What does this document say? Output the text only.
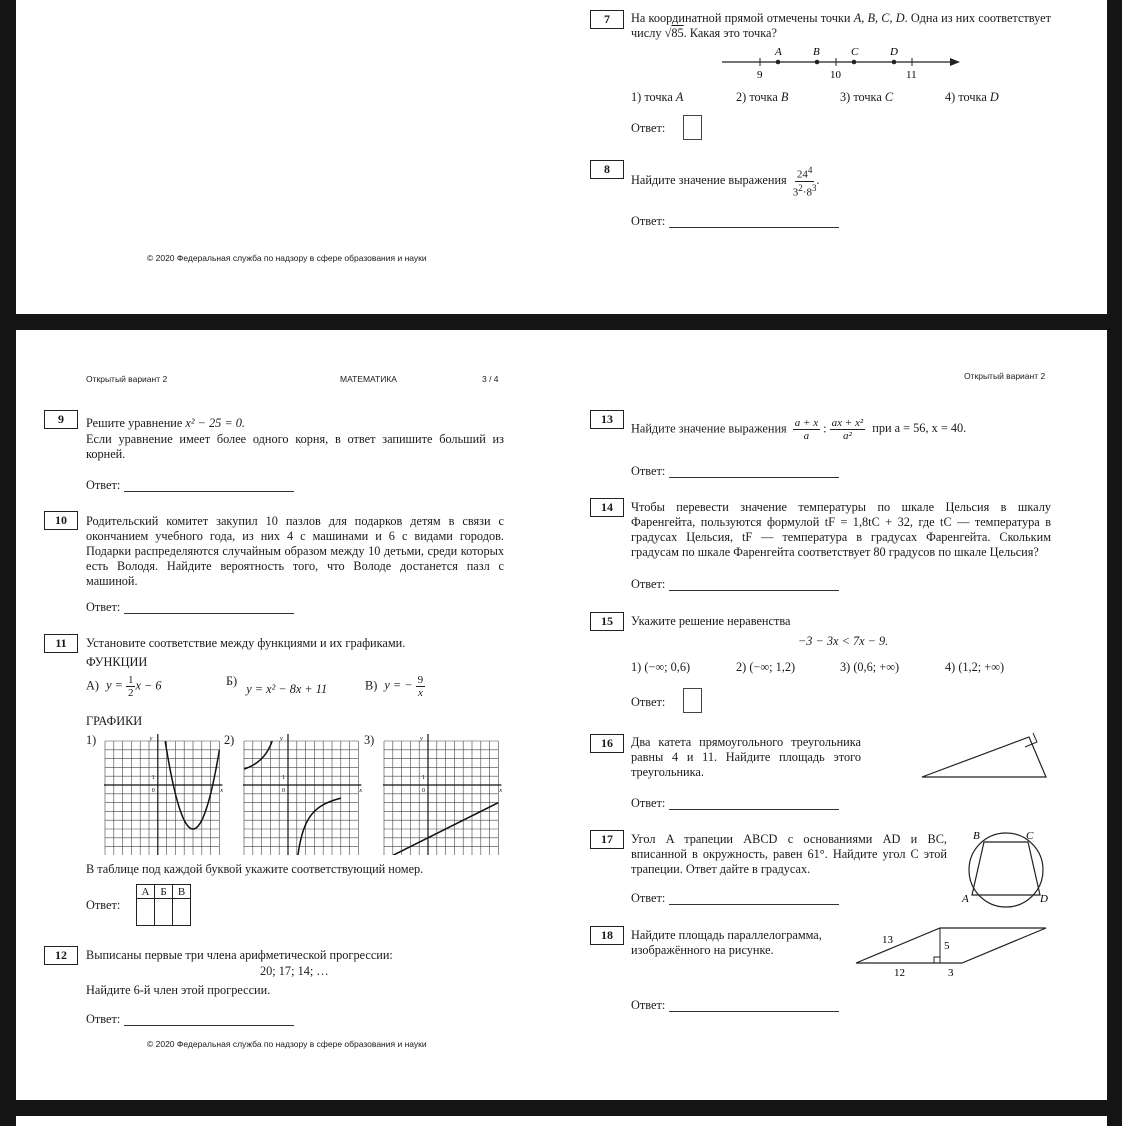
7	На координатной прямой отмечены точки A, B, C, D. Одна из них соответствует числу √85. Какая это точка?
A	B	C	D
9	10	11
1) точка A	2) точка B	3) точка C	4) точка D
Ответ:
8
Найдите значение выражения $\frac{24^4}{3^2\cdot 8^3}$ .
Ответ:
© 2020 Федеральная служба по надзору в сфере образования и науки
Открытый вариант 2	МАТЕМАТИКА	3 / 4	Открытый вариант 2
9	Решите уравнение x² − 25 = 0.
Если уравнение имеет более одного корня, в ответ запишите больший из корней.
Ответ:
10	Родительский комитет закупил 10 пазлов для подарков детям в связи с окончанием учебного года, из них 4 с машинами и 6 с видами городов. Подарки распределяются случайным образом между 10 детьми, среди которых есть Володя. Найдите вероятность того, что Володе достанется пазл с машиной.
Ответ:
11	Установите соответствие между функциями и их графиками.
ФУНКЦИИ
А) $y = \frac{1}{2}$ x − 6	Б) y = x² − 8x + 11	В) y = − $\frac{9}{x}$
ГРАФИКИ
1)	2)	3)
y
x
1
0
y
x
1
0
y
x
1
0
В таблице под каждой буквой укажите соответствующий номер.
Ответ:
А	Б	В

12	Выписаны первые три члена арифметической прогрессии:
20; 17; 14; …
Найдите 6-й член этой прогрессии.
Ответ:
© 2020 Федеральная служба по надзору в сфере образования и науки
13
Найдите значение выражения $\frac{a + x}{a}$ : $\frac{\text{ax + x²}}{\text{a²}}$ при a = 56, x = 40.
Ответ:
14	Чтобы перевести значение температуры по шкале Цельсия в шкалу Фаренгейта, пользуются формулой tF = 1,8tC + 32, где tC — температура в градусах Цельсия, tF — температура в градусах Фаренгейта. Скольким градусам по шкале Фаренгейта соответствует 80 градусов по шкале Цельсия?
Ответ:
15	Укажите решение неравенства
−3 − 3x < 7x − 9.
1) (−∞; 0,6)	2) (−∞; 1,2)	3) (0,6; +∞)	4) (1,2; +∞)
Ответ:
16	Два катета прямоугольного треугольника равны 4 и 11. Найдите площадь этого треугольника.
Ответ:
17	Угол A трапеции ABCD с основаниями AD и BC, вписанной в окружность, равен 61°. Найдите угол C этой трапеции. Ответ дайте в градусах.
B	C
A	D
Ответ:
18	Найдите площадь параллелограмма, изображённого на рисунке.
13	5
12	3
Ответ:
